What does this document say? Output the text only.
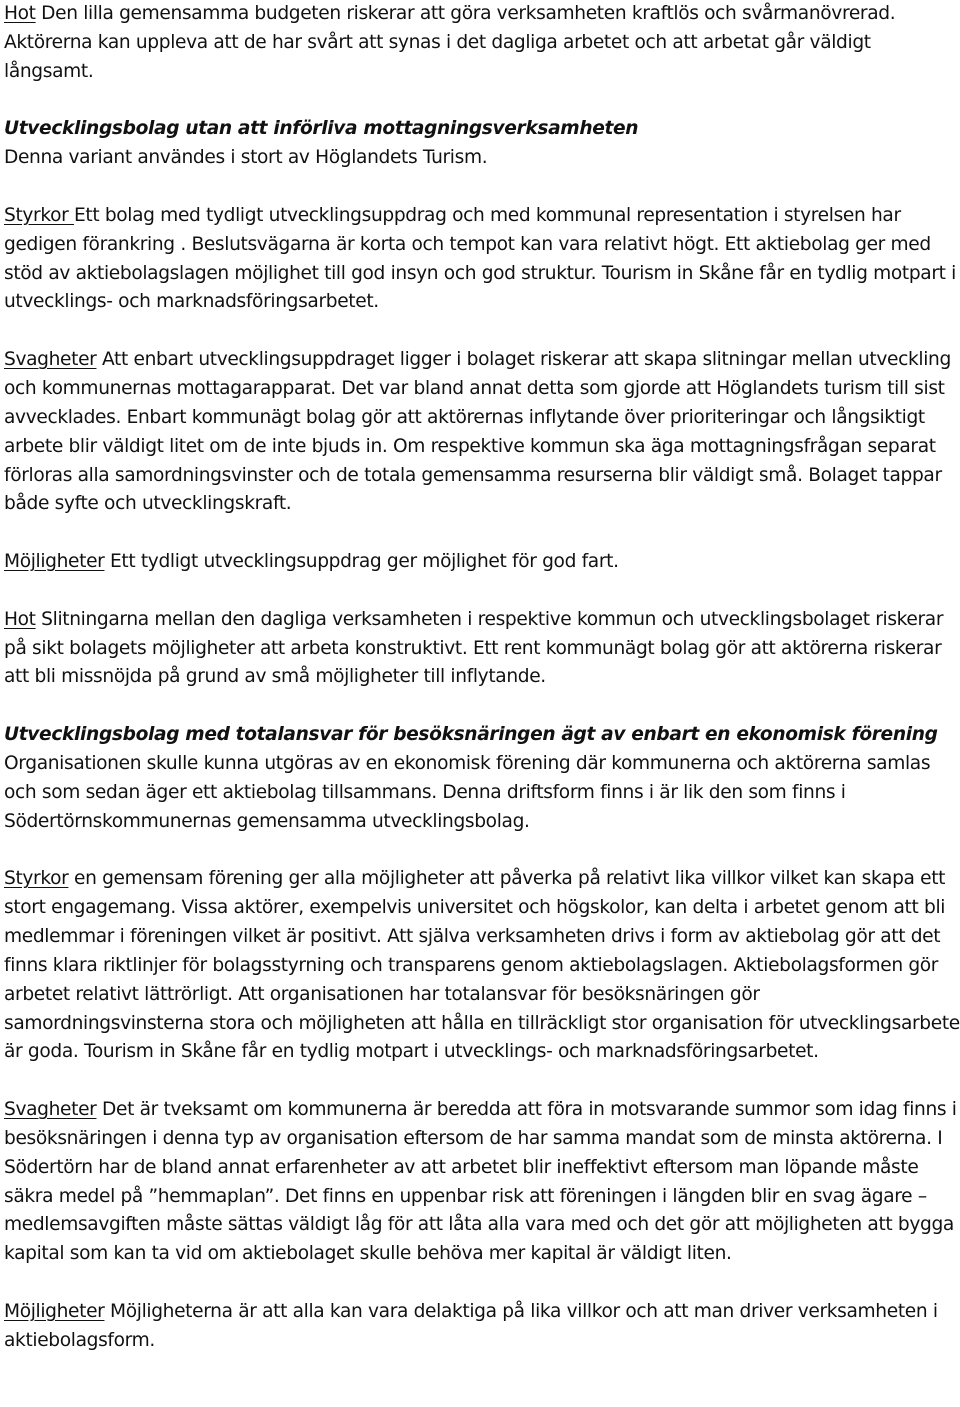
Hot Den lilla gemensamma budgeten riskerar att göra verksamheten kraftlös och svårmanövrerad. Aktörerna kan uppleva att de har svårt att synas i det dagliga arbetet och att arbetat går väldigt långsamt.

Utvecklingsbolag utan att införliva mottagningsverksamheten

Denna variant användes i stort av Höglandets Turism.

Styrkor Ett bolag med tydligt utvecklingsuppdrag och med kommunal representation i styrelsen har gedigen förankring . Beslutsvägarna är korta och tempot kan vara relativt högt. Ett aktiebolag ger med stöd av aktiebolagslagen möjlighet till god insyn och god struktur. Tourism in Skåne får en tydlig motpart i utvecklings- och marknadsföringsarbetet.

Svagheter Att enbart utvecklingsuppdraget ligger i bolaget riskerar att skapa slitningar mellan utveckling och kommunernas mottagarapparat. Det var bland annat detta som gjorde att Höglandets turism till sist avvecklades. Enbart kommunägt bolag gör att aktörernas inflytande över prioriteringar och långsiktigt arbete blir väldigt litet om de inte bjuds in. Om respektive kommun ska äga mottagningsfrågan separat förloras alla samordningsvinster och de totala gemensamma resurserna blir väldigt små. Bolaget tappar både syfte och utvecklingskraft.

Möjligheter Ett tydligt utvecklingsuppdrag ger möjlighet för god fart.

Hot Slitningarna mellan den dagliga verksamheten i respektive kommun och utvecklingsbolaget riskerar på sikt bolagets möjligheter att arbeta konstruktivt. Ett rent kommunägt bolag gör att aktörerna riskerar att bli missnöjda på grund av små möjligheter till inflytande.

Utvecklingsbolag med totalansvar för besöksnäringen ägt av enbart en ekonomisk förening

Organisationen skulle kunna utgöras av en ekonomisk förening där kommunerna och aktörerna samlas och som sedan äger ett aktiebolag tillsammans. Denna driftsform finns i är lik den som finns i Södertörnskommunernas gemensamma utvecklingsbolag.

Styrkor en gemensam förening ger alla möjligheter att påverka på relativt lika villkor vilket kan skapa ett stort engagemang. Vissa aktörer, exempelvis universitet och högskolor, kan delta i arbetet genom att bli medlemmar i föreningen vilket är positivt. Att själva verksamheten drivs i form av aktiebolag gör att det finns klara riktlinjer för bolagsstyrning och transparens genom aktiebolagslagen. Aktiebolagsformen gör arbetet relativt lättrörligt. Att organisationen har totalansvar för besöksnäringen gör samordningsvinsterna stora och möjligheten att hålla en tillräckligt stor organisation för utvecklingsarbete är goda. Tourism in Skåne får en tydlig motpart i utvecklings- och marknadsföringsarbetet.

Svagheter Det är tveksamt om kommunerna är beredda att föra in motsvarande summor som idag finns i besöksnäringen i denna typ av organisation eftersom de har samma mandat som de minsta aktörerna. I Södertörn har de bland annat erfarenheter av att arbetet blir ineffektivt eftersom man löpande måste säkra medel på ”hemmaplan”. Det finns en uppenbar risk att föreningen i längden blir en svag ägare – medlemsavgiften måste sättas väldigt låg för att låta alla vara med och det gör att möjligheten att bygga kapital som kan ta vid om aktiebolaget skulle behöva mer kapital är väldigt liten.

Möjligheter Möjligheterna är att alla kan vara delaktiga på lika villkor och att man driver verksamheten i aktiebolagsform.
